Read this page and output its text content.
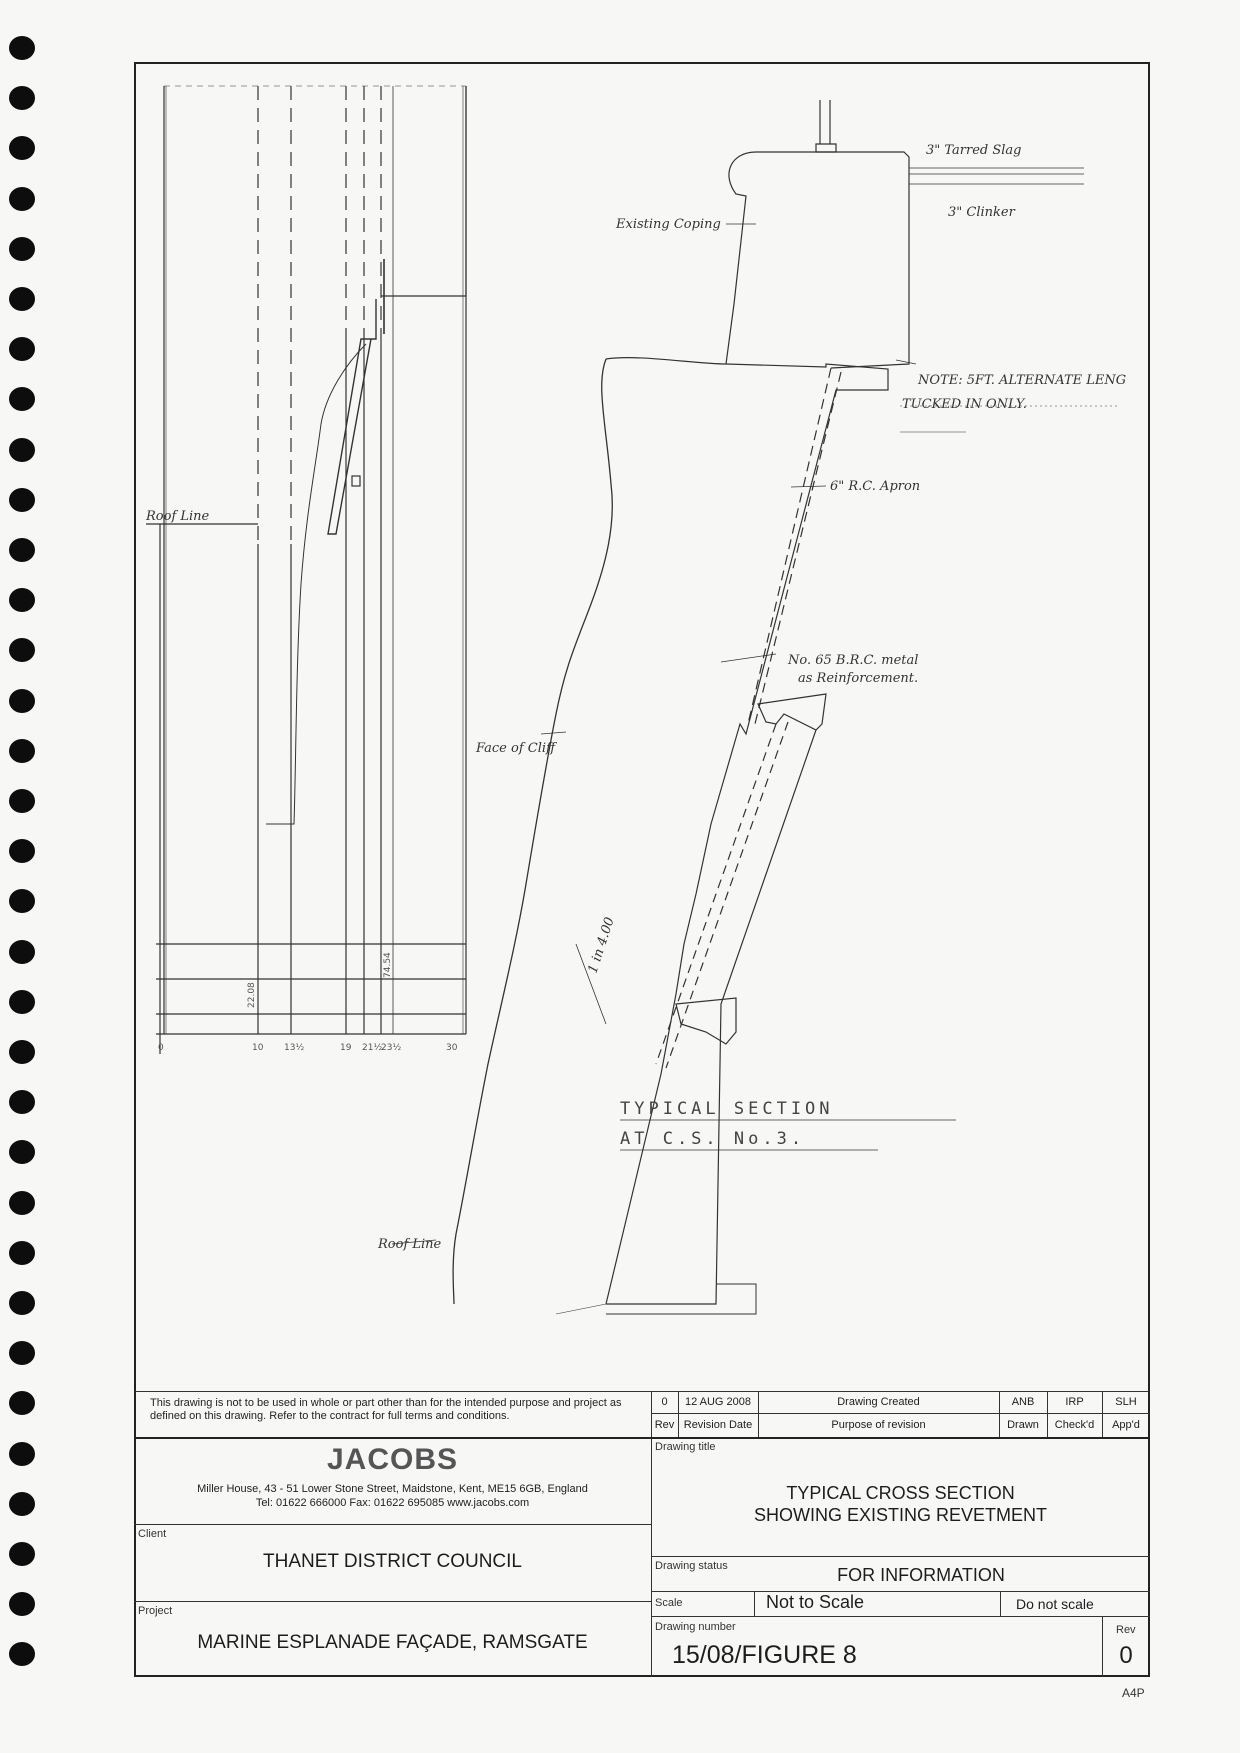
3" Tarred Slag
3" Clinker
Existing Coping
NOTE: 5FT. ALTERNATE LENG
TUCKED IN ONLY.
6" R.C. Apron
No. 65 B.R.C. metal
as Reinforcement.
Face of Cliff
Roof Line
Roof Line
1 in 4.00
TYPICAL SECTION
AT C.S. No.3.
0	10 13½	19 21½
23½	30
22.08
74.54
This drawing is not to be used in whole or part other than for the intended purpose and project as defined on this drawing. Refer to the contract for full terms and conditions.
0	12 AUG 2008	Drawing Created	ANB	IRP	SLH
Rev Revision Date	Purpose of revision	Drawn	Check'd	App'd
JACOBS
Miller House, 43 - 51 Lower Stone Street, Maidstone, Kent, ME15 6GB, England
Tel: 01622 666000 Fax: 01622 695085 www.jacobs.com
Client
THANET DISTRICT COUNCIL
Project
MARINE ESPLANADE FAÇADE, RAMSGATE
Drawing title
TYPICAL CROSS SECTION
SHOWING EXISTING REVETMENT
Drawing status	FOR INFORMATION
Scale	Not to Scale	Do not scale
Drawing number
15/08/FIGURE 8
Rev
0
A4P
